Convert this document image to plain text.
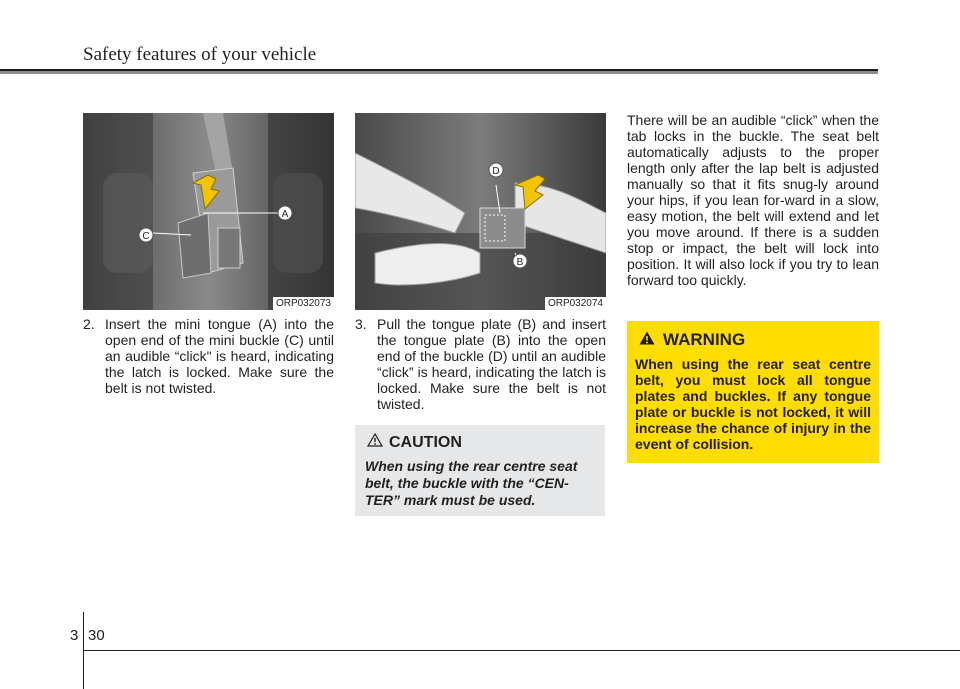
Safety features of your vehicle
A
C
ORP032073
D
B
ORP032074
2. Insert the mini tongue (A) into the open end of the mini buckle (C) until an audible “click" is heard, indicating the latch is locked. Make sure the belt is not twisted.
3. Pull the tongue plate (B) and insert the tongue plate (B) into the open end of the buckle (D) until an audible “click” is heard, indicating the latch is locked. Make sure the belt is not twisted.
There will be an audible “click” when the tab locks in the buckle. The seat belt automatically adjusts to the proper length only after the lap belt is adjusted manually so that it fits snug-ly around your hips, if you lean for-ward in a slow, easy motion, the belt will extend and let you move around. If there is a sudden stop or impact, the belt will lock into position. It will also lock if you try to lean forward too quickly.
CAUTION
When using the rear centre seat belt, the buckle with the “CEN-TER” mark must be used.
WARNING
When using the rear seat centre belt, you must lock all tongue plates and buckles. If any tongue plate or buckle is not locked, it will increase the chance of injury in the event of collision.
3 30
